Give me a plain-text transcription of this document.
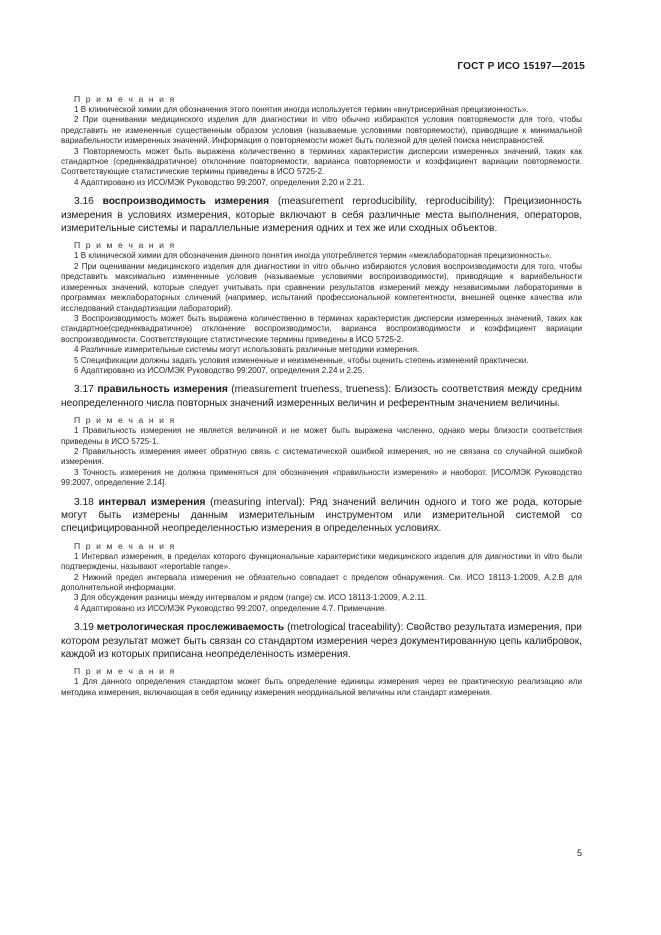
ГОСТ Р ИСО 15197—2015
П р и м е ч а н и я

1 В клинической химии для обозначения этого понятия иногда используется термин «внутрисерийная прецизионность».

2 При оценивании медицинского изделия для диагностики in vitro обычно избираются условия повторяемости для того, чтобы представить не измененные существенным образом условия (называемые условиями повторяемости), приводящие к минимальной вариабельности измеренных значений. Информация о повторяемости может быть полезной для целей поиска неисправностей.

3 Повторяемость может быть выражена количественно в терминах характеристик дисперсии измеренных значений, таких как стандартное (среднеквадратичное) отклонение повторяемости, варианса повторяемости и коэффициент вариации повторяемости. Соответствующие статистические термины приведены в ИСО 5725-2.

4 Адаптировано из ИСО/МЭК Руководство 99:2007, определения 2.20 и 2.21.

3.16 воспроизводимость измерения (measurement reproducibility, reproducibility): Прецизионность измерения в условиях измерения, которые включают в себя различные места выполнения, операторов, измерительные системы и параллельные измерения одних и тех же или сходных объектов.

П р и м е ч а н и я

1 В клинической химии для обозначения данного понятия иногда употребляется термин «межлабораторная прецизионность».

2 При оценивании медицинского изделия для диагностики in vitro обычно избираются условия воспроизводимости для того, чтобы представить максимально измененные условия (называемые условиями воспроизводимости), приводящие к вариабельности измеренных значений, которые следует учитывать при сравнении результатов измерений между независимыми лабораториями в программах межлабораторных сличений (например, испытаний профессиональной компетентности, внешней оценке качества или исследований стандартизации лабораторий).

3 Воспроизводимость может быть выражена количественно в терминах характеристик дисперсии измеренных значений, таких как стандартное(среднеквадратичное) отклонение воспроизводимости, варианса воспроизводимости и коэффициент вариации воспроизводимости. Соответствующие статистические термины приведены в ИСО 5725-2.

4 Различные измерительные системы могут использовать различные методики измерения.

5 Спецификации должны задать условия измененные и неизмененные, чтобы оценить степень изменений практически.

6 Адаптировано из ИСО/МЭК Руководство 99:2007, определения 2.24 и 2.25.

3.17 правильность измерения (measurement trueness, trueness): Близость соответствия между средним неопределенного числа повторных значений измеренных величин и референтным значением величины.

П р и м е ч а н и я

1 Правильность измерения не является величиной и не может быть выражена численно, однако меры близости соответствия приведены в ИСО 5725-1.

2 Правильность измерения имеет обратную связь с систематической ошибкой измерения, но не связана со случайной ошибкой измерения.

3 Точность измерения не должна применяться для обозначения «правильности измерения» и наоборот. [ИСО/МЭК Руководство 99:2007, определение 2.14].

3.18 интервал измерения (measuring interval): Ряд значений величин одного и того же рода, которые могут быть измерены данным измерительным инструментом или измерительной системой со специфицированной неопределенностью измерения в определенных условиях.

П р и м е ч а н и я

1 Интервал измерения, в пределах которого функциональные характеристики медицинского изделия для диагностики in vitro были подтверждены, называют «reportable range».

2 Нижний предел интервала измерения не обязательно совпадает с пределом обнаружения. См. ИСО 18113-1:2009, А.2.В для дополнительной информации.

3 Для обсуждения разницы между интервалом и рядом (range) см. ИСО 18113-1:2009, А.2.11.

4 Адаптировано из ИСО/МЭК Руководство 99:2007, определение 4.7. Примечание.

3.19 метрологическая прослеживаемость (metrological traceability): Свойство результата измерения, при котором результат может быть связан со стандартом измерения через документированную цепь калибровок, каждой из которых приписана неопределенность измерения.

П р и м е ч а н и я

1 Для данного определения стандартом может быть определение единицы измерения через ее практическую реализацию или методика измерения, включающая в себя единицу измерения неординальной величины или стандарт измерения.

5
